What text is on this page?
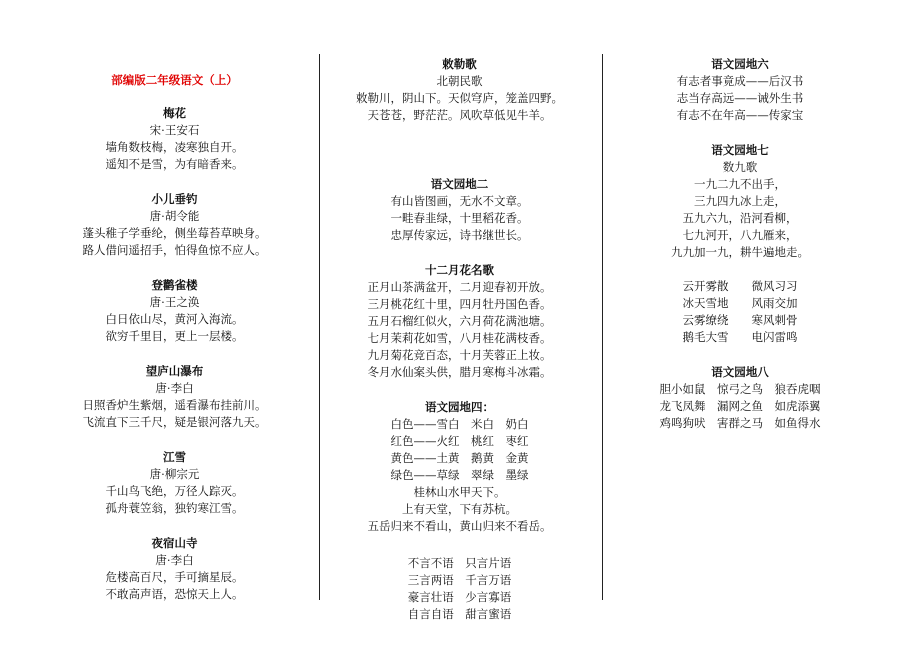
部编版二年级语文（上）
梅花
宋·王安石
墙角数枝梅，凌寒独自开。
遥知不是雪，为有暗香来。
小儿垂钓
唐·胡令能
蓬头稚子学垂纶，侧坐莓苔草映身。
路人借问遥招手，怕得鱼惊不应人。
登鹳雀楼
唐·王之涣
白日依山尽，黄河入海流。
欲穷千里目，更上一层楼。
望庐山瀑布
唐·李白
日照香炉生紫烟，遥看瀑布挂前川。
飞流直下三千尺，疑是银河落九天。
江雪
唐·柳宗元
千山鸟飞绝，万径人踪灭。
孤舟蓑笠翁，独钓寒江雪。
夜宿山寺
唐·李白
危楼高百尺，手可摘星辰。
不敢高声语，恐惊天上人。
敕勒歌
北朝民歌
敕勒川，阴山下。天似穹庐，笼盖四野。
天苍苍，野茫茫。风吹草低见牛羊。
语文园地二
有山皆图画，无水不文章。
一畦春韭绿，十里稻花香。
忠厚传家远，诗书继世长。
十二月花名歌
正月山茶满盆开，二月迎春初开放。
三月桃花红十里，四月牡丹国色香。
五月石榴红似火，六月荷花满池塘。
七月茉莉花如雪，八月桂花满枝香。
九月菊花竞百态，十月芙蓉正上妆。
冬月水仙案头供，腊月寒梅斗冰霜。
语文园地四：
白色——雪白　米白　奶白
红色——火红　桃红　枣红
黄色——土黄　鹅黄　金黄
绿色——草绿　翠绿　墨绿
桂林山水甲天下。
上有天堂，下有苏杭。
五岳归来不看山，黄山归来不看岳。
不言不语　只言片语
三言两语　千言万语
豪言壮语　少言寡语
自言自语　甜言蜜语
语文园地六
有志者事竟成——后汉书
志当存高远——诫外生书
有志不在年高——传家宝
语文园地七
数九歌
一九二九不出手，
三九四九冰上走，
五九六九，沿河看柳，
七九河开，八九雁来，
九九加一九，耕牛遍地走。
云开雾散　　微风习习
冰天雪地　　风雨交加
云雾缭绕　　寒风刺骨
鹅毛大雪　　电闪雷鸣
语文园地八
胆小如鼠　惊弓之鸟　狼吞虎咽
龙飞凤舞　漏网之鱼　如虎添翼
鸡鸣狗吠　害群之马　如鱼得水
